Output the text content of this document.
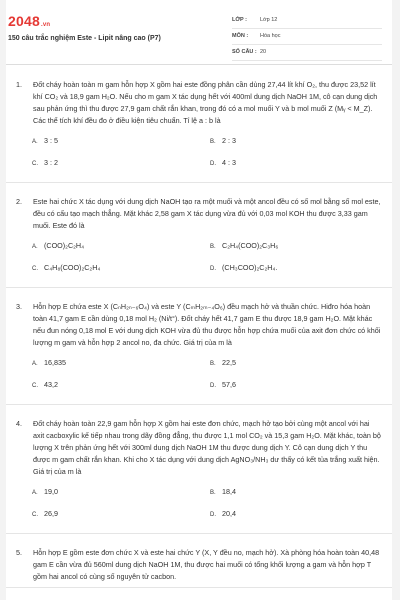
2048.vn
150 câu trắc nghiệm Este - Lipit nâng cao (P7)
LỚP : Lớp 12
MÔN : Hóa học
SỐ CÂU : 20
1. Đốt cháy hoàn toàn m gam hỗn hợp X gồm hai este đồng phân cần dùng 27,44 lít khí O₂, thu được 23,52 lít khí CO₂ và 18,9 gam H₂O. Nếu cho m gam X tác dụng hết với 400ml dung dịch NaOH 1M, cô cạn dung dịch sau phản ứng thì thu được 27,9 gam chất rắn khan, trong đó có a mol muối Y và b mol muối Z (Mᵧ < M_Z). Các thể tích khí đều đo ở điều kiện tiêu chuẩn. Tỉ lệ a : b là
A. 3 : 5	B. 2 : 3
C. 3 : 2	D. 4 : 3
2. Este hai chức X tác dụng với dung dịch NaOH tạo ra một muối và một ancol đều có số mol bằng số mol este, đều có cấu tạo mạch thẳng. Mặt khác 2,58 gam X tác dụng vừa đủ với 0,03 mol KOH thu được 3,33 gam muối. Este đó là
A. (COO)₂C₂H₄	B. C₂H₄(COO)₂C₃H₆
C. C₄H₈(COO)₂C₂H₄	D. (CH₃COO)₂C₂H₄.
3. Hỗn hợp E chứa este X (CₙH₂ₙ₋₆O₄) và este Y (CₘH₂ₘ₋₄O₆) đều mạch hở và thuần chức. Hiđro hóa hoàn toàn 41,7 gam E cần dùng 0,18 mol H₂ (Ni/t°). Đốt cháy hết 41,7 gam E thu được 18,9 gam H₂O. Mặt khác nếu đun nóng 0,18 mol E với dung dịch KOH vừa đủ thu được hỗn hợp chứa muối của axit đơn chức có khối lượng m gam và hỗn hợp 2 ancol no, đa chức. Giá trị của m là
A. 16,835	B. 22,5
C. 43,2	D. 57,6
4. Đốt cháy hoàn toàn 22,9 gam hỗn hợp X gồm hai este đơn chức, mạch hở tạo bởi cùng một ancol với hai axit cacboxylic kế tiếp nhau trong dãy đồng đẳng, thu được 1,1 mol CO₂ và 15,3 gam H₂O. Mặt khác, toàn bộ lượng X trên phản ứng hết với 300ml dung dịch NaOH 1M thu được dung dịch Y. Cô cạn dung dịch Y thu được m gam chất rắn khan. Khi cho X tác dụng với dung dịch AgNO₃/NH₃ dư thấy có kết tủa trắng xuất hiện. Giá trị của m là
A. 19,0	B. 18,4
C. 26,9	D. 20,4
5. Hỗn hợp E gồm este đơn chức X và este hai chức Y (X, Y đều no, mạch hở). Xà phòng hóa hoàn toàn 40,48 gam E cần vừa đủ 560ml dung dịch NaOH 1M, thu được hai muối có tổng khối lượng a gam và hỗn hợp T gồm hai ancol có cùng số nguyên tử cacbon.
